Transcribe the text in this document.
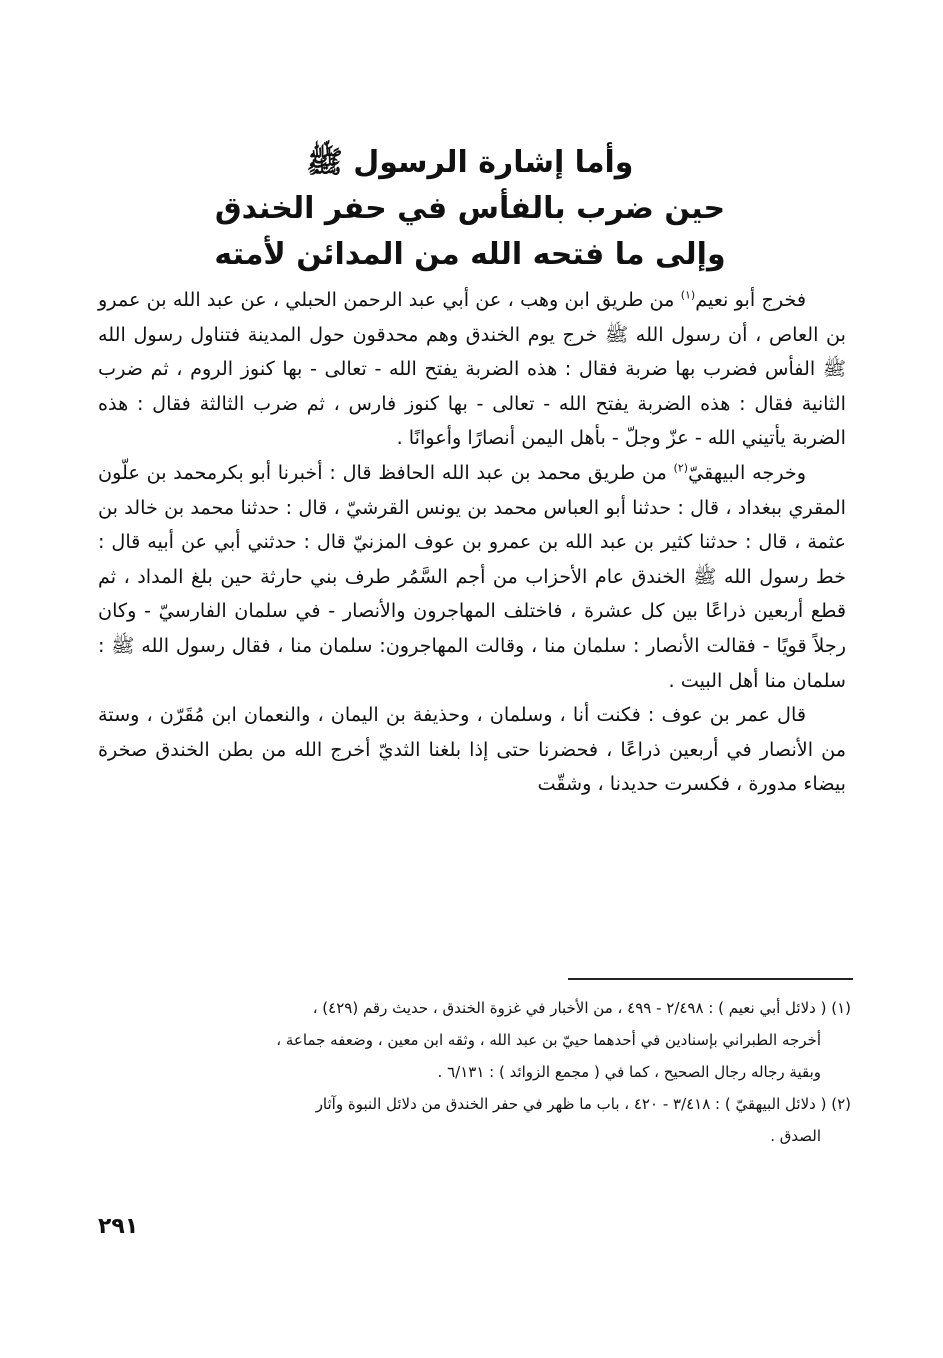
وأما إشارة الرسول ﷺ
حين ضرب بالفأس في حفر الخندق
وإلى ما فتحه الله من المدائن لأمته

فخرج أبو نعيم$^{(١)}$ من طريق ابن وهب ، عن أبي عبد الرحمن الحبلي ، عن عبد الله بن عمرو بن العاص ، أن رسول الله ﷺ خرج يوم الخندق وهم محدقون حول المدينة فتناول رسول الله ﷺ الفأس فضرب بها ضربة فقال : هذه الضربة يفتح الله - تعالى - بها كنوز الروم ، ثم ضرب الثانية فقال : هذه الضربة يفتح الله - تعالى - بها كنوز فارس ، ثم ضرب الثالثة فقال : هذه الضربة يأتيني الله - عزّ وجلّ - بأهل اليمن أنصارًا وأعوانًا .

وخرجه البيهقيّ$^{(٢)}$ من طريق محمد بن عبد الله الحافظ قال : أخبرنا أبو بكرمحمد بن علّون المقري ببغداد ، قال : حدثنا أبو العباس محمد بن يونس القرشيّ ، قال : حدثنا محمد بن خالد بن عثمة ، قال : حدثنا كثير بن عبد الله بن عمرو بن عوف المزنيّ قال : حدثني أبي عن أبيه قال : خط رسول الله ﷺ الخندق عام الأحزاب من أجم السَّمُر طرف بني حارثة حين بلغ المداد ، ثم قطع أربعين ذراعًا بين كل عشرة ، فاختلف المهاجرون والأنصار - في سلمان الفارسيّ - وكان رجلاً قويًا - فقالت الأنصار : سلمان منا ، وقالت المهاجرون: سلمان منا ، فقال رسول الله ﷺ : سلمان منا أهل البيت .

قال عمر بن عوف : فكنت أنا ، وسلمان ، وحذيفة بن اليمان ، والنعمان ابن مُقَرّن ، وستة من الأنصار في أربعين ذراعًا ، فحضرنا حتى إذا بلغنا الثديّ أخرج الله من بطن الخندق صخرة بيضاء مدورة ، فكسرت حديدنا ، وشقّت

(١) ( دلائل أبي نعيم ) : ٢/٤٩٨ - ٤٩٩ ، من الأخبار في غزوة الخندق ، حديث رقم (٤٢٩) ،
أخرجه الطبراني بإسنادين في أحدهما حييّ بن عبد الله ، وثقه ابن معين ، وضعفه جماعة ،
وبقية رجاله رجال الصحيح ، كما في ( مجمع الزوائد ) : ٦/١٣١ .
(٢) ( دلائل البيهقيّ ) : ٣/٤١٨ - ٤٢٠ ، باب ما ظهر في حفر الخندق من دلائل النبوة وآثار
الصدق .
٢٩١
